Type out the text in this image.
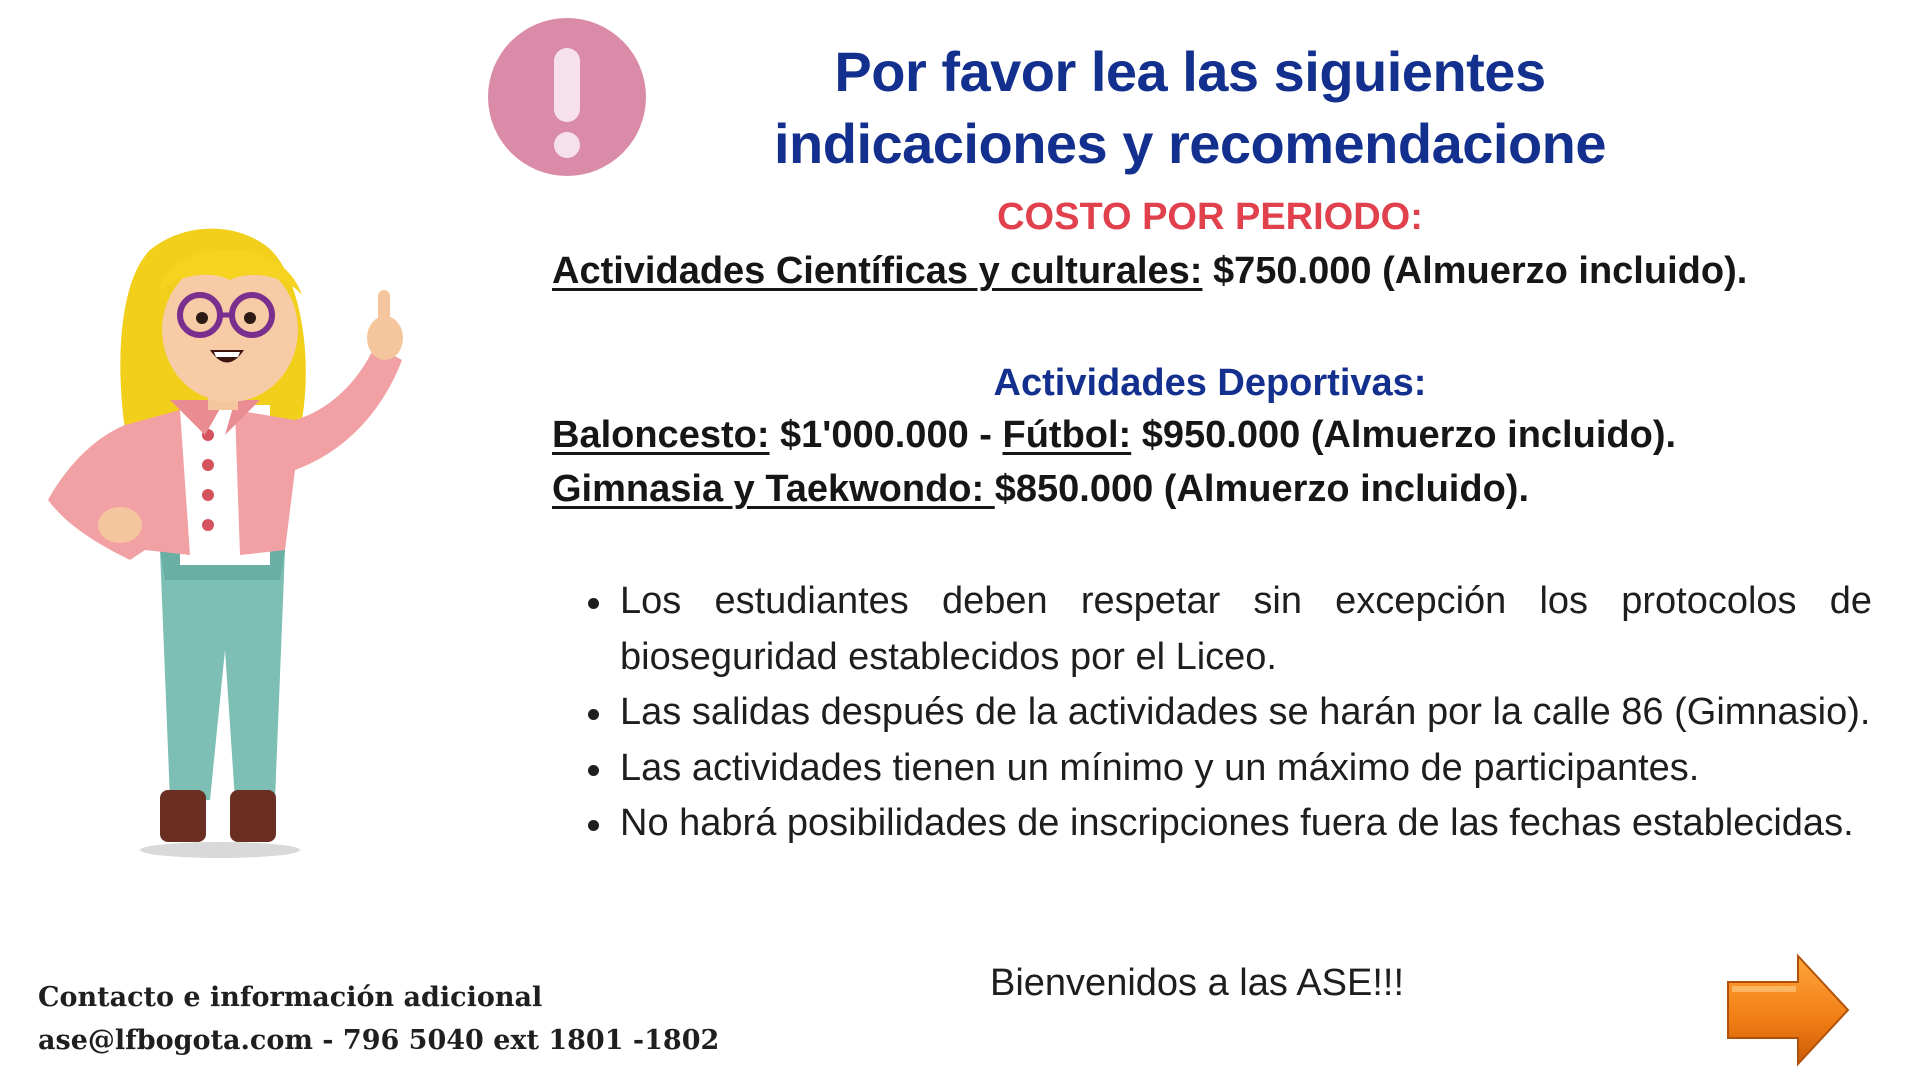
Por favor lea las siguientes
indicaciones y recomendacione
COSTO POR PERIODO:
Actividades Científicas y culturales: $750.000 (Almuerzo incluido).
Actividades Deportivas:
Baloncesto: $1'000.000 - Fútbol: $950.000 (Almuerzo incluido).
Gimnasia y Taekwondo: $850.000 (Almuerzo incluido).
Los estudiantes deben respetar sin excepción los protocolos de bioseguridad establecidos por el Liceo.
Las salidas después de la actividades se harán por la calle 86 (Gimnasio).
Las actividades tienen un mínimo y un máximo de participantes.
No habrá posibilidades de inscripciones fuera de las fechas establecidas.
Bienvenidos a las ASE!!!
Contacto e información adicional
ase@lfbogota.com - 796 5040 ext 1801 -1802
